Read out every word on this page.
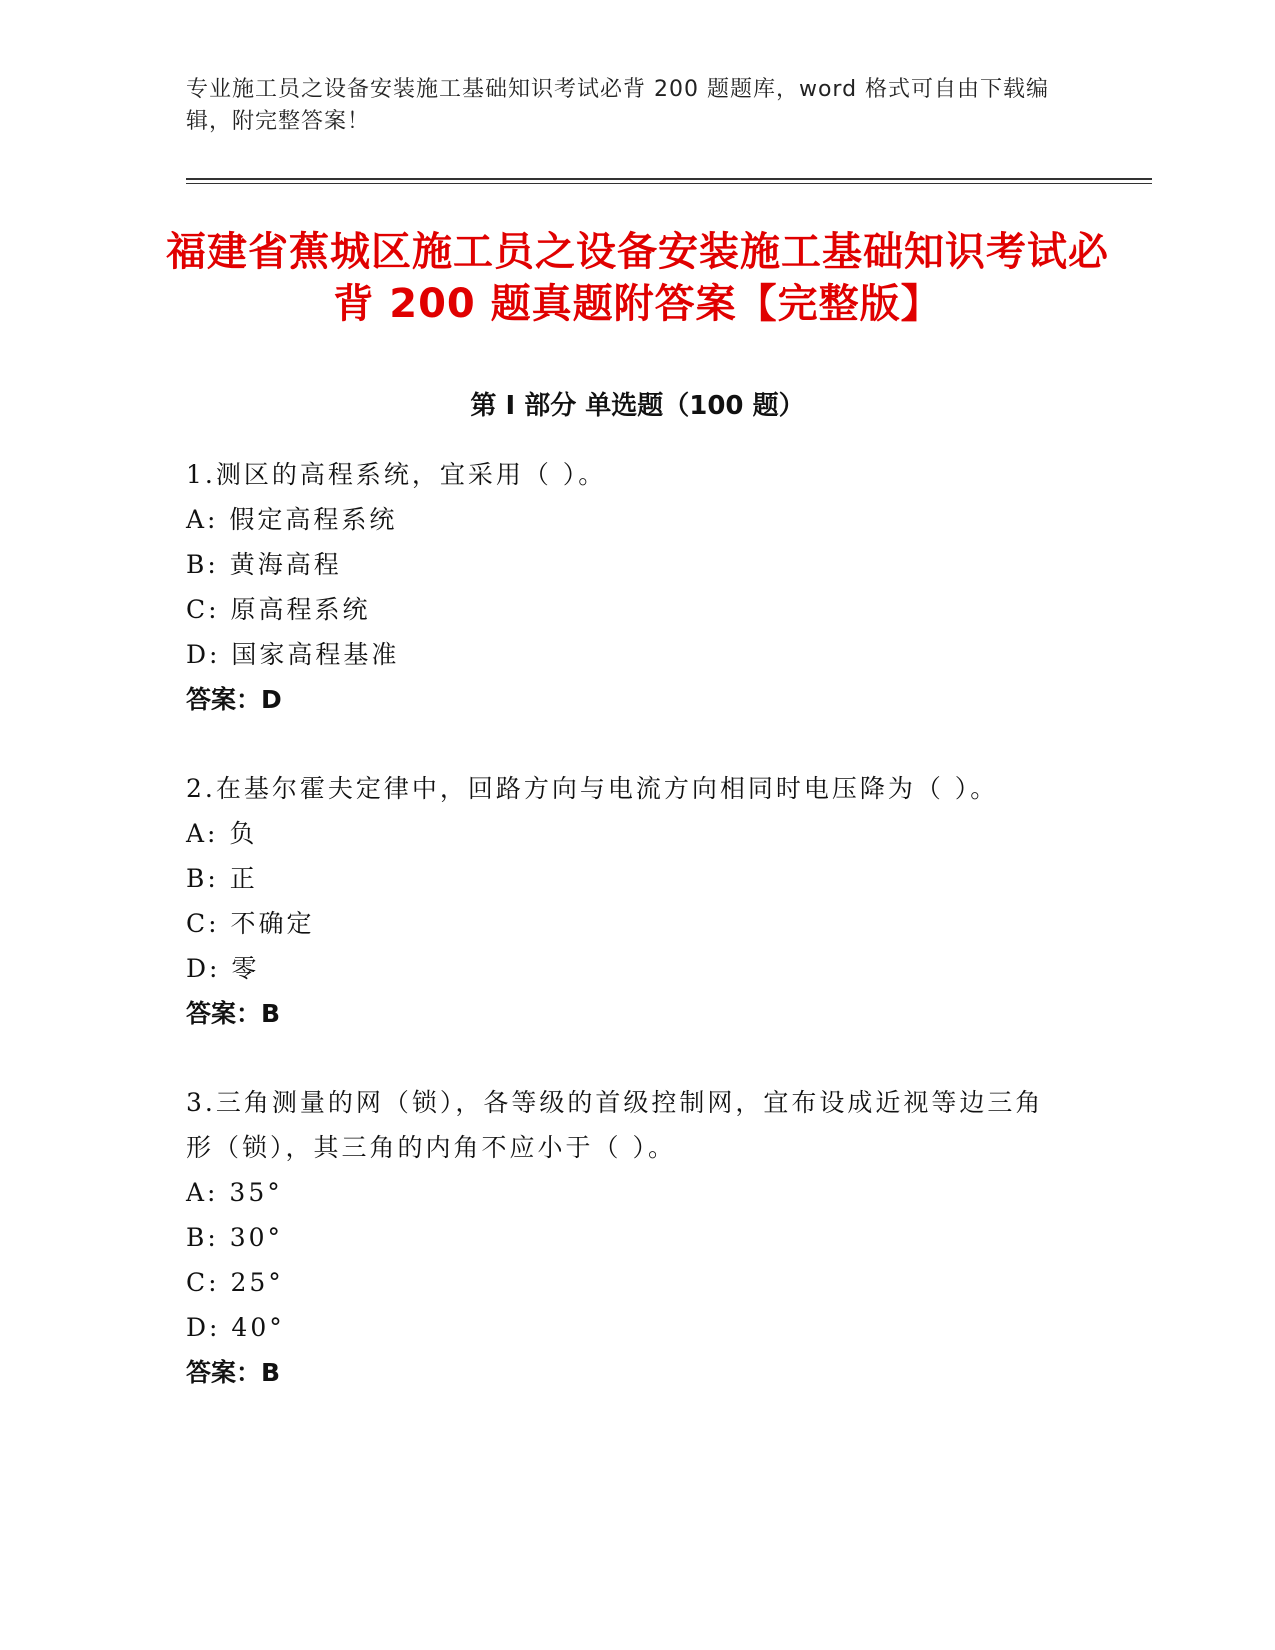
专业施工员之设备安装施工基础知识考试必背 200 题题库，word 格式可自由下载编辑，附完整答案！
福建省蕉城区施工员之设备安装施工基础知识考试必背 200 题真题附答案【完整版】
第 I 部分 单选题（100 题）
1.测区的高程系统，宜采用（ ）。
A: 假定高程系统
B: 黄海高程
C: 原高程系统
D: 国家高程基准
答案：D
2.在基尔霍夫定律中，回路方向与电流方向相同时电压降为（ ）。
A: 负
B: 正
C: 不确定
D: 零
答案：B
3.三角测量的网（锁），各等级的首级控制网，宜布设成近视等边三角形（锁），其三角的内角不应小于（ ）。
A: 35°
B: 30°
C: 25°
D: 40°
答案：B
